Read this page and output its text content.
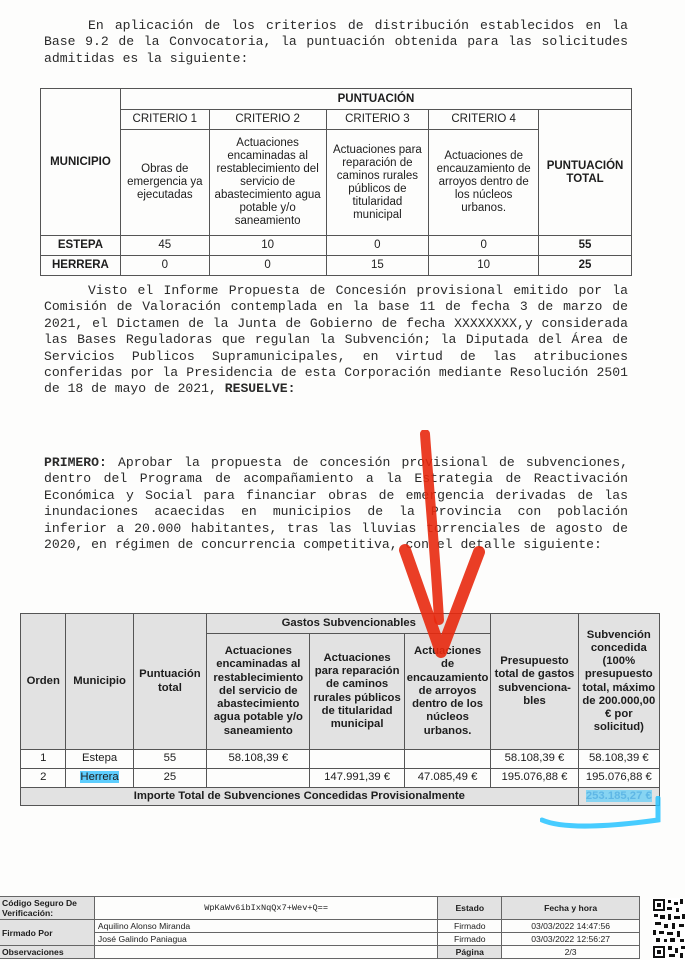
En aplicación de los criterios de distribución establecidos en la Base 9.2 de la Convocatoria, la puntuación obtenida para las solicitudes admitidas es la siguiente:

MUNICIPIO	PUNTUACIÓN				
	CRITERIO 1	CRITERIO 2	CRITERIO 3	CRITERIO 4	PUNTUACIÓN TOTAL
	Obras de emergencia ya ejecutadas	Actuaciones encaminadas al restablecimiento del servicio de abastecimiento agua potable y/o saneamiento	Actuaciones para reparación de caminos rurales públicos de titularidad municipal	Actuaciones de encauzamiento de arroyos dentro de los núcleos urbanos.	
ESTEPA	45	10	0	0	55
HERRERA	0	0	15	10	25

Visto el Informe Propuesta de Concesión provisional emitido por la Comisión de Valoración contemplada en la base 11 de fecha 3 de marzo de 2021, el Dictamen de la Junta de Gobierno de fecha XXXXXXXX,y considerada las Bases Reguladoras que regulan la Subvención; la Diputada del Área de Servicios Publicos Supramunicipales, en virtud de las atribuciones conferidas por la Presidencia de esta Corporación mediante Resolución 2501 de 18 de mayo de 2021, RESUELVE:

PRIMERO: Aprobar la propuesta de concesión provisional de subvenciones, dentro del Programa de acompañamiento a la Estrategia de Reactivación Económica y Social para financiar obras de emergencia derivadas de las inundaciones acaecidas en municipios de la Provincia con población inferior a 20.000 habitantes, tras las lluvias torrenciales de agosto de 2020, en régimen de concurrencia competitiva, con el detalle siguiente:

Orden	Municipio	Puntuación total	Gastos Subvencionables			Presupuesto total de gastos subvenciona-bles	Subvención concedida (100% presupuesto total, máximo de 200.000,00 € por solicitud)
			Actuaciones encaminadas al restablecimiento del servicio de abastecimiento agua potable y/o saneamiento	Actuaciones para reparación de caminos rurales públicos de titularidad municipal	Actuaciones de encauzamiento de arroyos dentro de los núcleos urbanos.		
1	Estepa	55	58.108,39 €			58.108,39 €	58.108,39 €
2	Herrera	25		147.991,39 €	47.085,49 €	195.076,88 €	195.076,88 €
Importe Total de Subvenciones Concedidas Provisionalmente							253.185,27 €
Código Seguro De Verificación:	WpKaWv6ibIxNqQx7+Wev+Q==	Estado	Fecha y hora
Firmado Por	Aquilino Alonso Miranda	Firmado	03/03/2022 14:47:56
	José Galindo Paniagua	Firmado	03/03/2022 12:56:27
Observaciones		Página	2/3
